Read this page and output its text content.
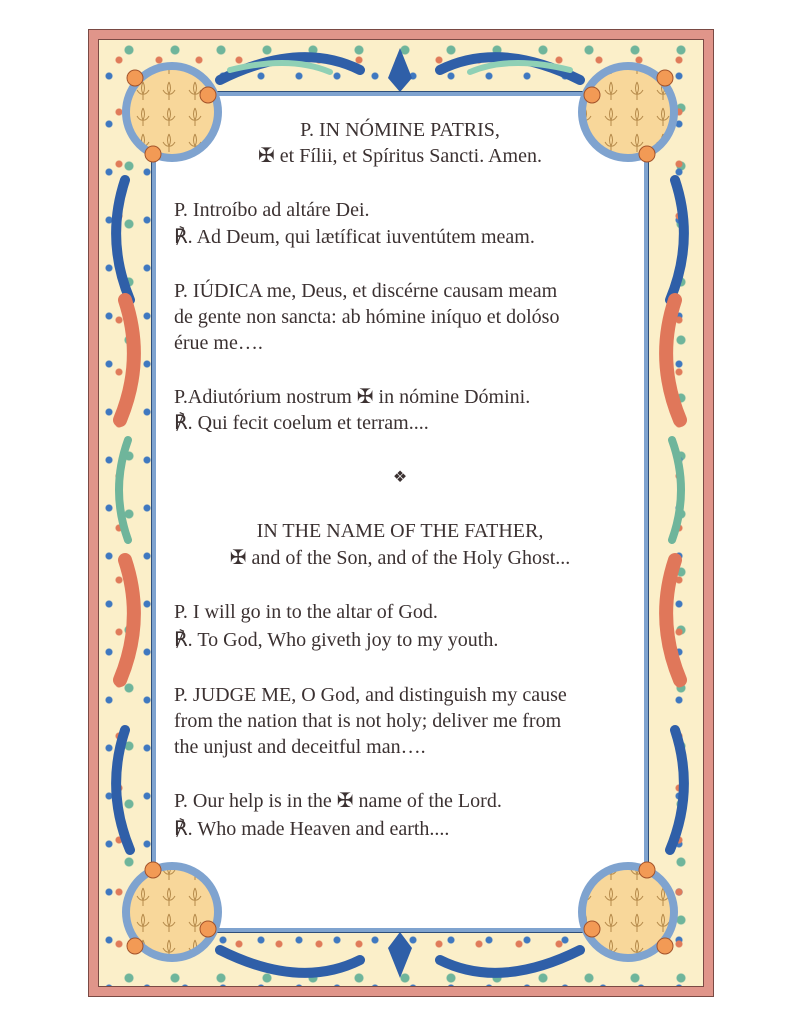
P. IN NÓMINE PATRIS,
✠ et Fílii, et Spíritus Sancti. Amen.
P. Introíbo ad altáre Dei.
℟. Ad Deum, qui lætíficat iuventútem meam.
P. IÚDICA me, Deus, et discérne causam meam
de gente non sancta: ab hómine iníquo et dolóso
érue me….
P.Adiutórium nostrum ✠ in nómine Dómini.
℟. Qui fecit coelum et terram....
❖
IN THE NAME OF THE FATHER,
✠ and of the Son, and of the Holy Ghost...
P. I will go in to the altar of God.
℟. To God, Who giveth joy to my youth.
P. JUDGE ME, O God, and distinguish my cause
from the nation that is not holy; deliver me from
the unjust and deceitful man….
P. Our help is in the ✠ name of the Lord.
℟. Who made Heaven and earth....
